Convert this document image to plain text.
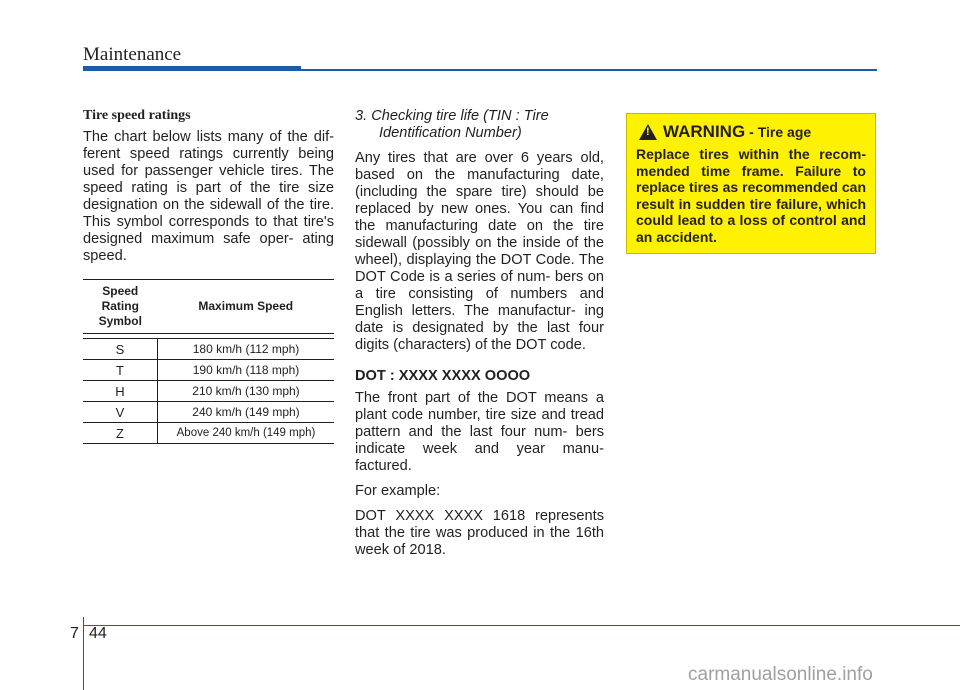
Maintenance
Tire speed ratings

The chart below lists many of the dif- ferent speed ratings currently being used for passenger vehicle tires. The speed rating is part of the tire size designation on the sidewall of the tire. This symbol corresponds to that tire's designed maximum safe oper- ating speed.

Speed Rating Symbol	Maximum Speed

S	180 km/h (112 mph)
T	190 km/h (118 mph)
H	210 km/h (130 mph)
V	240 km/h (149 mph)
Z	Above 240 km/h (149 mph)
3. Checking tire life (TIN : Tire
Identification Number)

Any tires that are over 6 years old, based on the manufacturing date, (including the spare tire) should be replaced by new ones. You can find the manufacturing date on the tire sidewall (possibly on the inside of the wheel), displaying the DOT Code. The DOT Code is a series of num- bers on a tire consisting of numbers and English letters. The manufactur- ing date is designated by the last four digits (characters) of the DOT code.

DOT : XXXX XXXX OOOO

The front part of the DOT means a plant code number, tire size and tread pattern and the last four num- bers indicate week and year manu- factured.

For example:

DOT XXXX XXXX 1618 represents that the tire was produced in the 16th week of 2018.

!
WARNING - Tire age
Replace tires within the recom- mended time frame. Failure to replace tires as recommended can result in sudden tire failure, which could lead to a loss of control and an accident.
7 44
carmanualsonline.info
